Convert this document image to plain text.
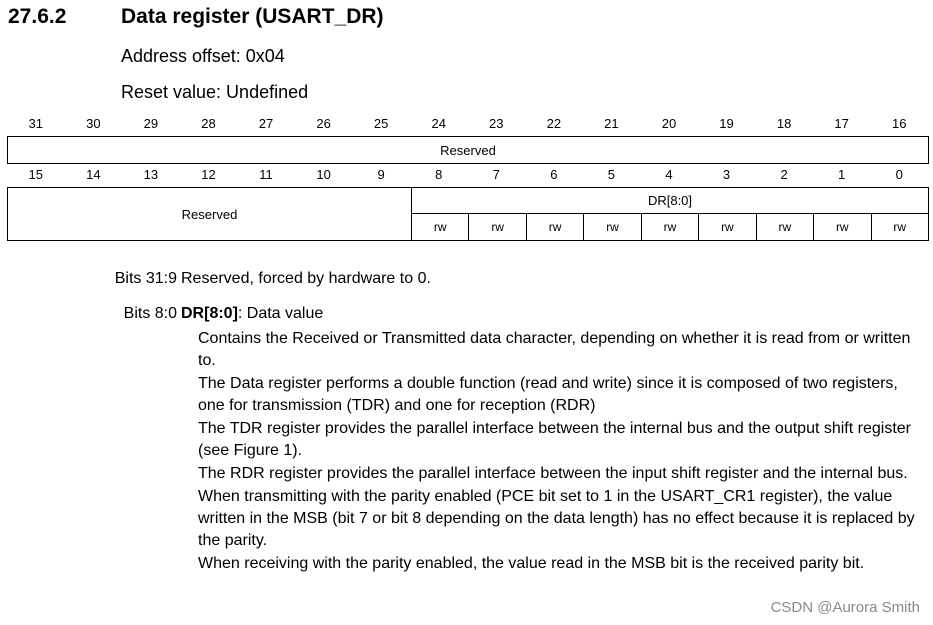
27.6.2	Data register (USART_DR)
Address offset: 0x04
Reset value: Undefined
31	30	29	28	27	26	25	24	23	22	21	20	19	18	17	16
Reserved
15	14	13	12	11	10	9	8	7	6	5	4	3	2	1	0
Reserved
DR[8:0]
rw	rw	rw	rw	rw	rw	rw	rw	rw
Bits 31:9 Reserved, forced by hardware to 0.
Bits 8:0 DR[8:0]: Data value

Contains the Received or Transmitted data character, depending on whether it is read from or written to.

The Data register performs a double function (read and write) since it is composed of two registers, one for transmission (TDR) and one for reception (RDR)

The TDR register provides the parallel interface between the internal bus and the output shift register (see Figure 1).

The RDR register provides the parallel interface between the input shift register and the internal bus.

When transmitting with the parity enabled (PCE bit set to 1 in the USART_CR1 register), the value written in the MSB (bit 7 or bit 8 depending on the data length) has no effect because it is replaced by the parity.

When receiving with the parity enabled, the value read in the MSB bit is the received parity bit.

CSDN @Aurora Smith
